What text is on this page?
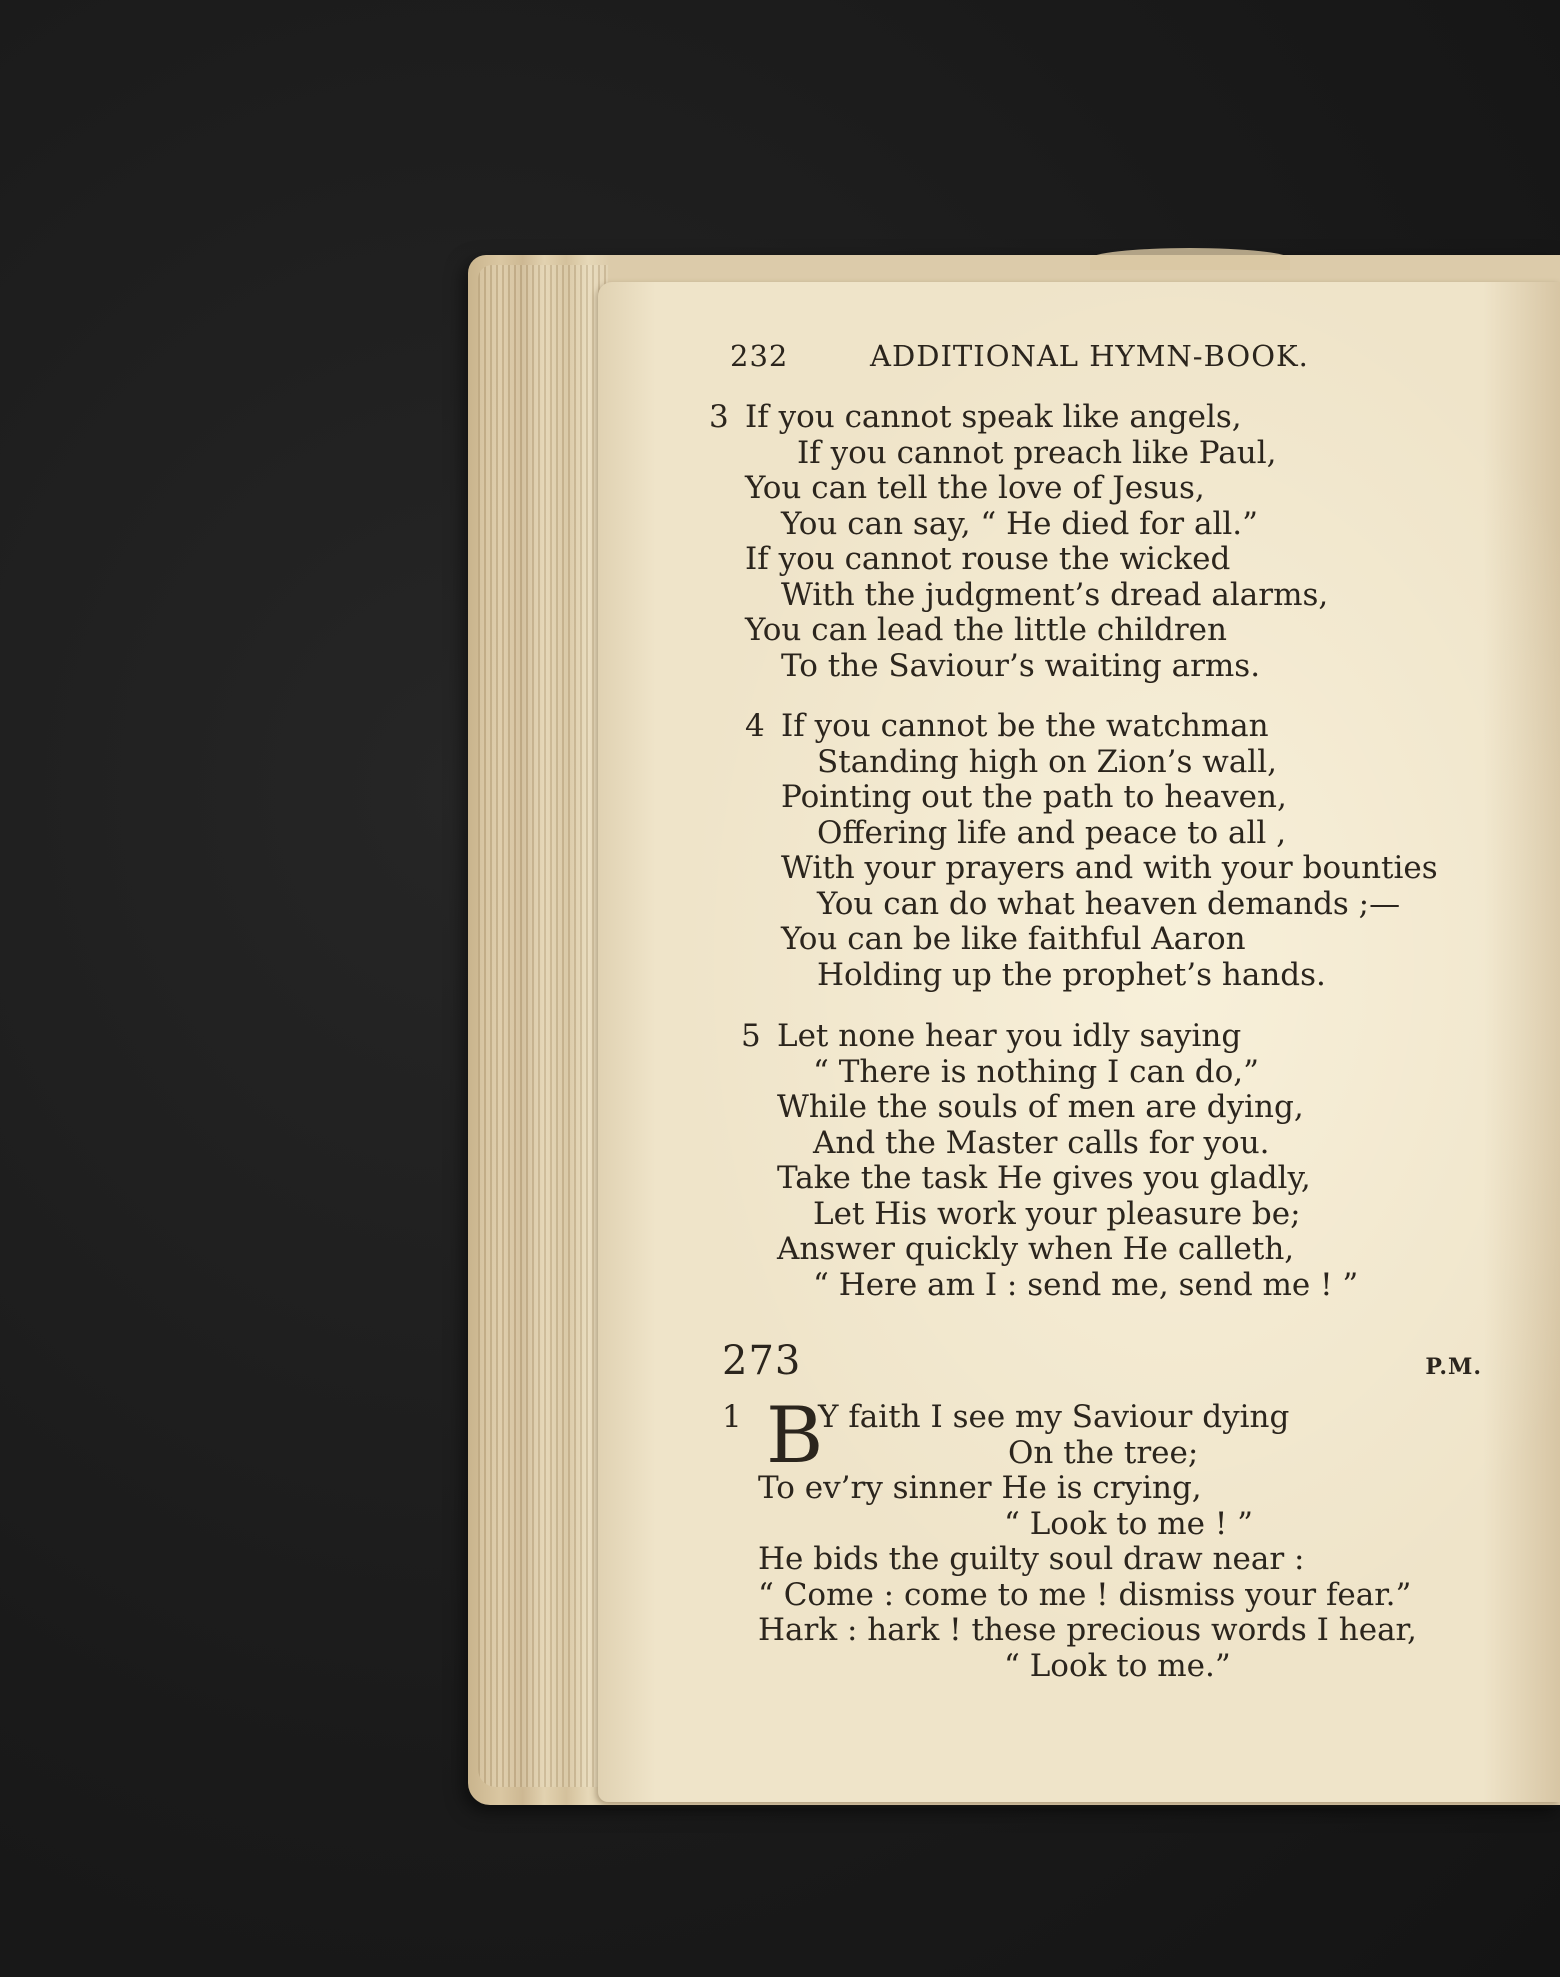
232	ADDITIONAL HYMN-BOOK.
3 If you cannot speak like angels,
If you cannot preach like Paul,
You can tell the love of Jesus,
You can say, “ He died for all.”
If you cannot rouse the wicked
With the judgment’s dread alarms,
You can lead the little children
To the Saviour’s waiting arms.
4 If you cannot be the watchman
Standing high on Zion’s wall,
Pointing out the path to heaven,
Offering life and peace to all ,
With your prayers and with your bounties
You can do what heaven demands ;—
You can be like faithful Aaron
Holding up the prophet’s hands.
5 Let none hear you idly saying
“ There is nothing I can do,”
While the souls of men are dying,
And the Master calls for you.
Take the task He gives you gladly,
Let His work your pleasure be;
Answer quickly when He calleth,
“ Here am I : send me, send me ! ”
273	P.M.
1 B
Y faith I see my Saviour dying
On the tree;
To ev’ry sinner He is crying,
“ Look to me ! ”
He bids the guilty soul draw near :
“ Come : come to me ! dismiss your fear.”
Hark : hark ! these precious words I hear,
“ Look to me.”
